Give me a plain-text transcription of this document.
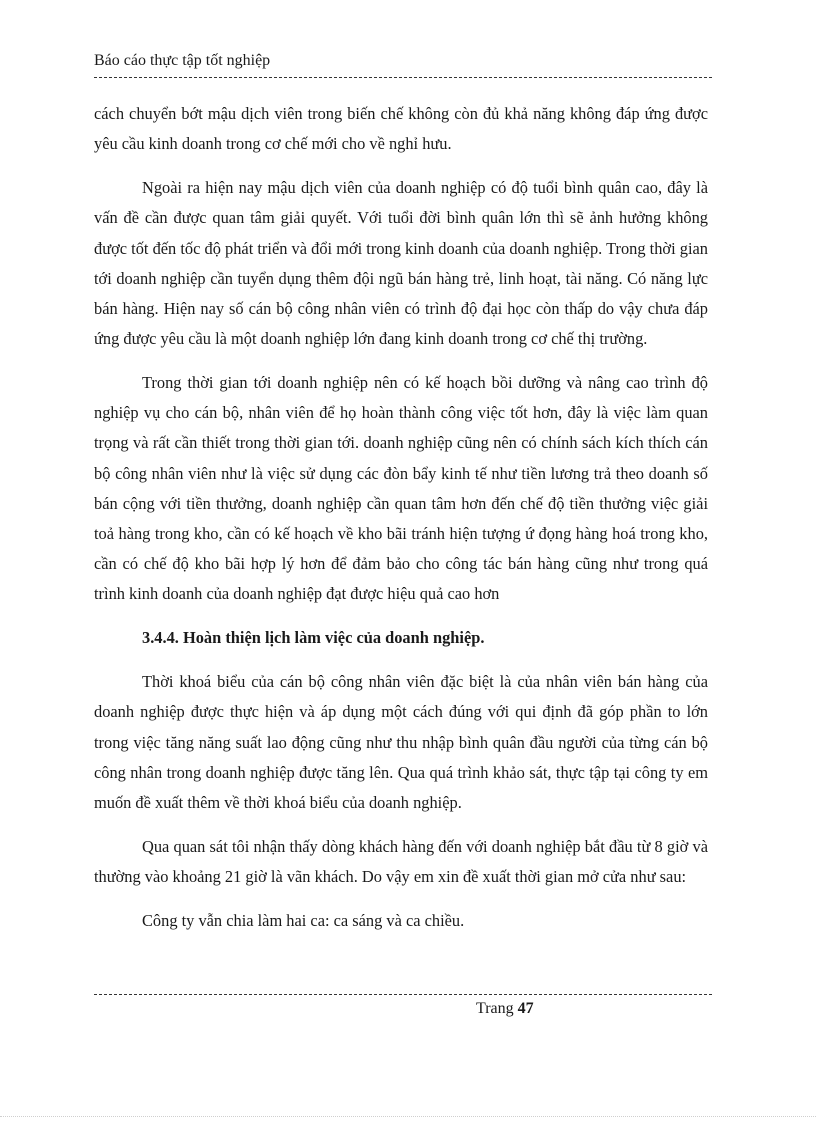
Báo cáo thực tập tốt nghiệp

cách chuyển bớt mậu dịch viên trong biến chế không còn đủ khả năng không đáp ứng được yêu cầu kinh doanh trong cơ chế mới cho về nghỉ hưu.

Ngoài ra hiện nay mậu dịch viên của doanh nghiệp có độ tuổi bình quân cao, đây là vấn đề cần được quan tâm giải quyết. Với tuổi đời bình quân lớn thì sẽ ảnh hưởng không được tốt đến tốc độ phát triển và đổi mới trong kinh doanh của doanh nghiệp. Trong thời gian tới doanh nghiệp cần tuyển dụng thêm đội ngũ bán hàng trẻ, linh hoạt, tài năng. Có năng lực bán hàng. Hiện nay số cán bộ công nhân viên có trình độ đại học còn thấp do vậy chưa đáp ứng được yêu cầu là một doanh nghiệp lớn đang kinh doanh trong cơ chế thị trường.

Trong thời gian tới doanh nghiệp nên có kế hoạch bồi dưỡng và nâng cao trình độ nghiệp vụ cho cán bộ, nhân viên để họ hoàn thành công việc tốt hơn, đây là việc làm quan trọng và rất cần thiết trong thời gian tới. doanh nghiệp cũng nên có chính sách kích thích cán bộ công nhân viên như là việc sử dụng các đòn bẩy kinh tế như tiền lương trả theo doanh số bán cộng với tiền thưởng, doanh nghiệp cần quan tâm hơn đến chế độ tiền thưởng việc giải toả hàng trong kho, cần có kế hoạch về kho bãi tránh hiện tượng ứ đọng hàng hoá trong kho, cần có chế độ kho bãi hợp lý hơn để đảm bảo cho công tác bán hàng cũng như trong quá trình kinh doanh của doanh nghiệp đạt được hiệu quả cao hơn

3.4.4. Hoàn thiện lịch làm việc của doanh nghiệp.

Thời khoá biểu của cán bộ công nhân viên đặc biệt là của nhân viên bán hàng của doanh nghiệp được thực hiện và áp dụng một cách đúng với qui định đã góp phần to lớn trong việc tăng năng suất lao động cũng như thu nhập bình quân đầu người của từng cán bộ công nhân trong doanh nghiệp được tăng lên. Qua quá trình khảo sát, thực tập tại công ty em muốn đề xuất thêm về thời khoá biểu của doanh nghiệp.

Qua quan sát tôi nhận thấy dòng khách hàng đến với doanh nghiệp bắt đầu từ 8 giờ và thường vào khoảng 21 giờ là vãn khách. Do vậy em xin đề xuất thời gian mở cửa như sau:

Công ty vẫn chia làm hai ca: ca sáng và ca chiều.

Trang 47
